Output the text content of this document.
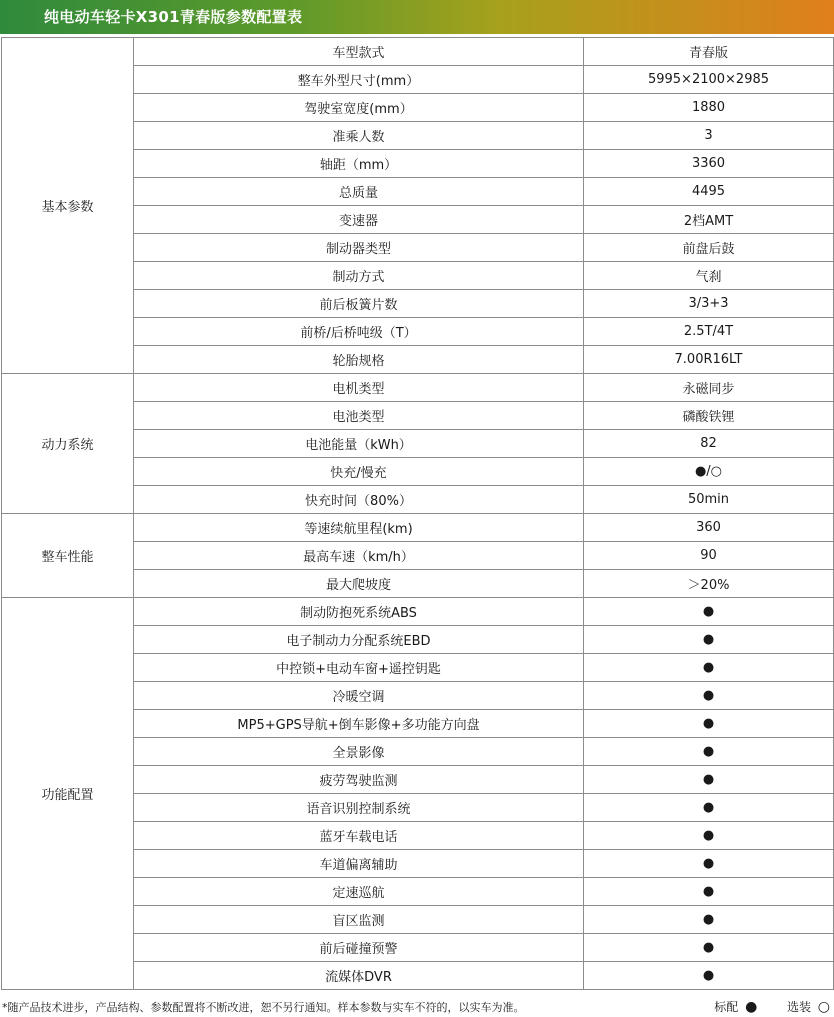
纯电动车轻卡X301青春版参数配置表
基本参数	车型款式	青春版
	整车外型尺寸(mm）	5995×2100×2985
	驾驶室宽度(mm）	1880
	准乘人数	3
	轴距（mm）	3360
	总质量	4495
	变速器	2档AMT
	制动器类型	前盘后鼓
	制动方式	气刹
	前后板簧片数	3/3+3
	前桥/后桥吨级（T）	2.5T/4T
	轮胎规格	7.00R16LT
动力系统	电机类型	永磁同步
	电池类型	磷酸铁锂
	电池能量（kWh）	82
	快充/慢充	●/○
	快充时间（80%）	50min
整车性能	等速续航里程(km)	360
	最高车速（km/h）	90
	最大爬坡度	＞20%
功能配置	制动防抱死系统ABS	●
	电子制动力分配系统EBD	●
	中控锁+电动车窗+遥控钥匙	●
	冷暖空调	●
	MP5+GPS导航+倒车影像+多功能方向盘	●
	全景影像	●
	疲劳驾驶监测	●
	语音识别控制系统	●
	蓝牙车载电话	●
	车道偏离辅助	●
	定速巡航	●
	盲区监测	●
	前后碰撞预警	●
	流媒体DVR	●
*随产品技术进步，产品结构、参数配置将不断改进，恕不另行通知。样本参数与实车不符的，以实车为准。	标配 ● 选装 ○
